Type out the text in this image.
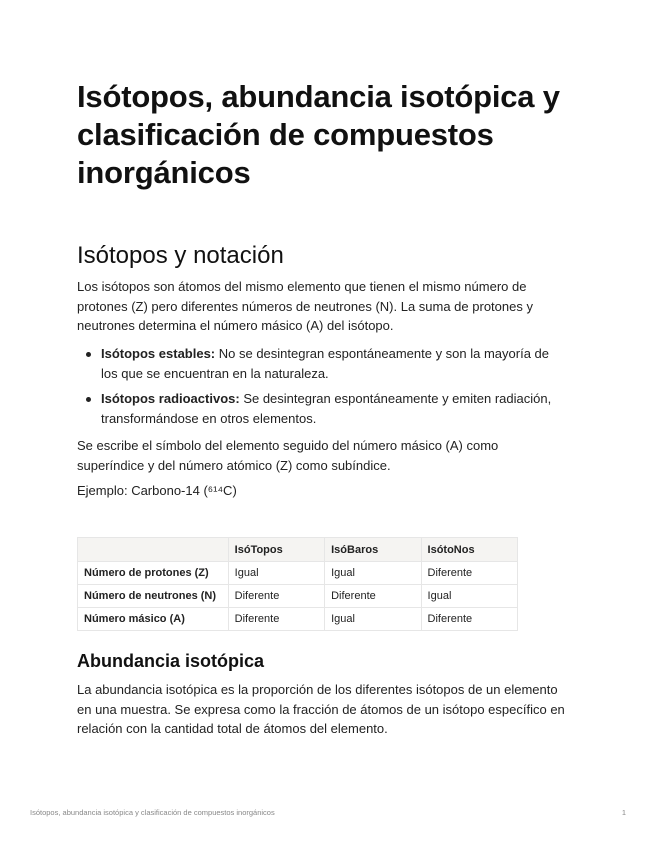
Isótopos, abundancia isotópica y clasificación de compuestos inorgánicos
Isótopos y notación

Los isótopos son átomos del mismo elemento que tienen el mismo número de protones (Z) pero diferentes números de neutrones (N). La suma de protones y neutrones determina el número másico (A) del isótopo.

Isótopos estables: No se desintegran espontáneamente y son la mayoría de los que se encuentran en la naturaleza.
Isótopos radioactivos: Se desintegran espontáneamente y emiten radiación, transformándose en otros elementos.

Se escribe el símbolo del elemento seguido del número másico (A) como superíndice y del número atómico (Z) como subíndice.

Ejemplo: Carbono-14 (⁶¹⁴C)

	IsóTopos	IsóBaros	IsótoNos
Número de protones (Z)	Igual	Igual	Diferente
Número de neutrones (N)	Diferente	Diferente	Igual
Número másico (A)	Diferente	Igual	Diferente
Abundancia isotópica

La abundancia isotópica es la proporción de los diferentes isótopos de un elemento en una muestra. Se expresa como la fracción de átomos de un isótopo específico en relación con la cantidad total de átomos del elemento.

Isótopos, abundancia isotópica y clasificación de compuestos inorgánicos	1
